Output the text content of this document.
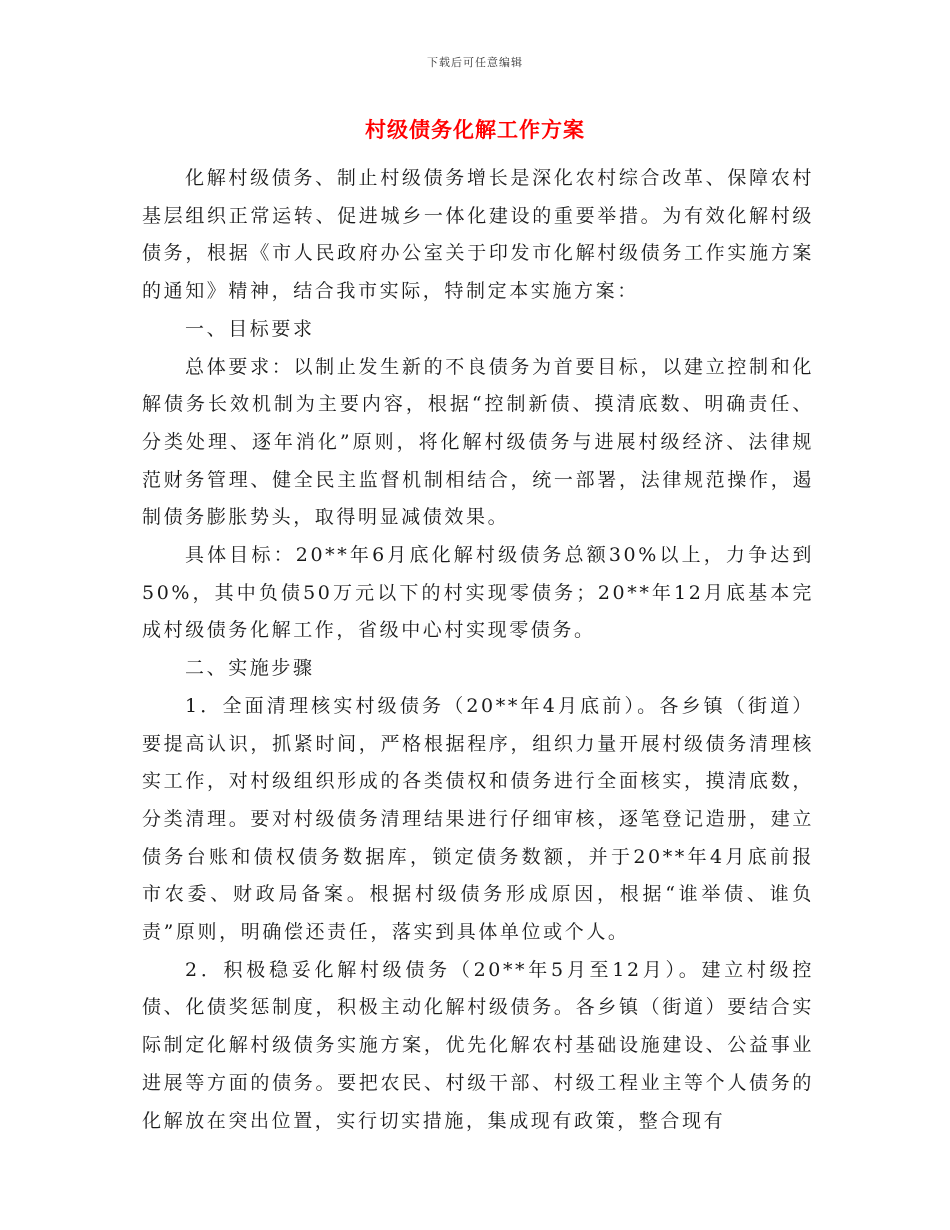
下载后可任意编辑
村级债务化解工作方案

化解村级债务、制止村级债务增长是深化农村综合改革、保障农村基层组织正常运转、促进城乡一体化建设的重要举措。为有效化解村级债务，根据《市人民政府办公室关于印发市化解村级债务工作实施方案的通知》精神，结合我市实际，特制定本实施方案：

一、目标要求

总体要求：以制止发生新的不良债务为首要目标，以建立控制和化解债务长效机制为主要内容，根据“控制新债、摸清底数、明确责任、分类处理、逐年消化”原则，将化解村级债务与进展村级经济、法律规范财务管理、健全民主监督机制相结合，统一部署，法律规范操作，遏制债务膨胀势头，取得明显减债效果。

具体目标：20**年6月底化解村级债务总额30%以上，力争达到50%，其中负债50万元以下的村实现零债务；20**年12月底基本完成村级债务化解工作，省级中心村实现零债务。

二、实施步骤

1．全面清理核实村级债务（20**年4月底前）。各乡镇（街道）要提高认识，抓紧时间，严格根据程序，组织力量开展村级债务清理核实工作，对村级组织形成的各类债权和债务进行全面核实，摸清底数，分类清理。要对村级债务清理结果进行仔细审核，逐笔登记造册，建立债务台账和债权债务数据库，锁定债务数额，并于20**年4月底前报市农委、财政局备案。根据村级债务形成原因，根据“谁举债、谁负责”原则，明确偿还责任，落实到具体单位或个人。

2．积极稳妥化解村级债务（20**年5月至12月）。建立村级控债、化债奖惩制度，积极主动化解村级债务。各乡镇（街道）要结合实际制定化解村级债务实施方案，优先化解农村基础设施建设、公益事业进展等方面的债务。要把农民、村级干部、村级工程业主等个人债务的化解放在突出位置，实行切实措施，集成现有政策，整合现有
